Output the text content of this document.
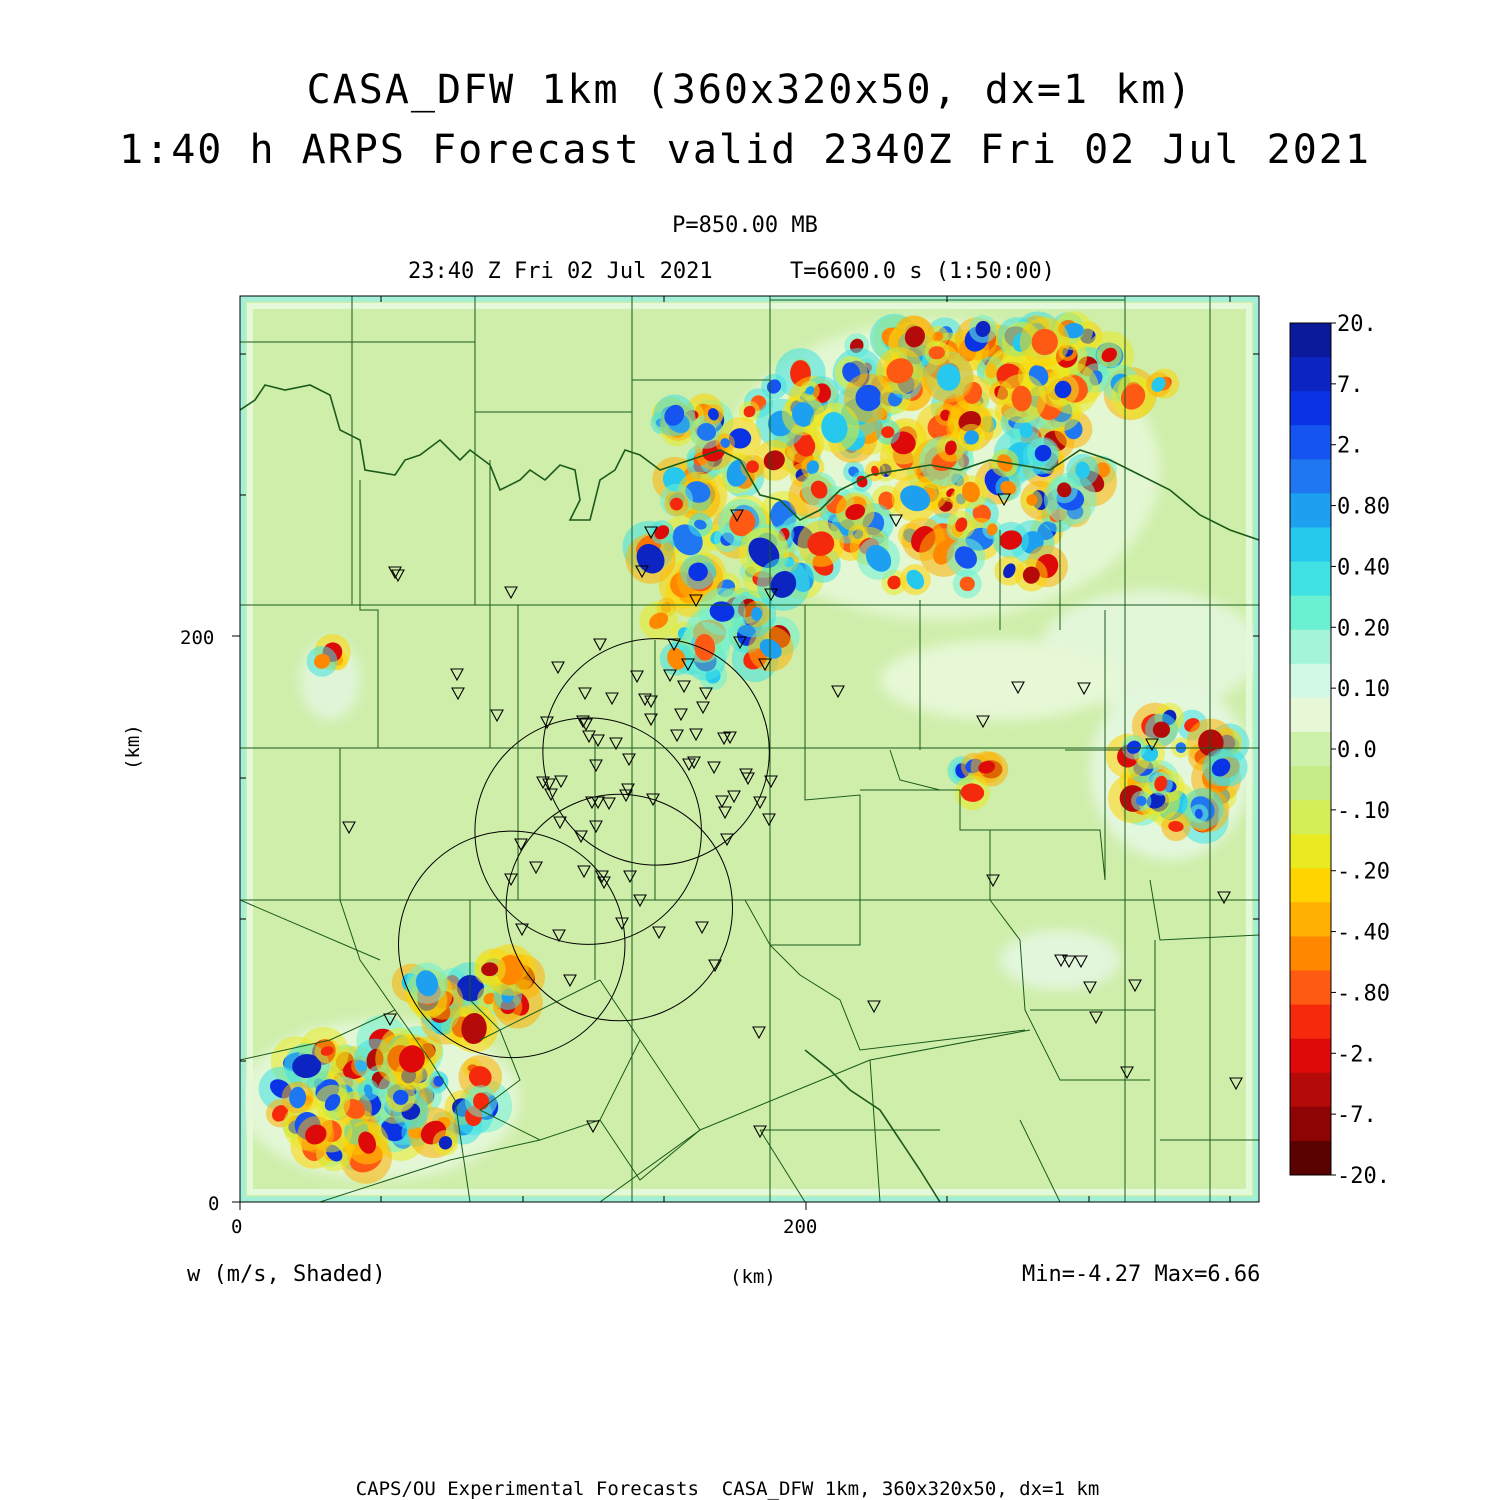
0	200
0
200
(km)
20.
7.
2.
0.80
0.40
0.20
0.10
0.0
-.10
-.20
-.40
-.80
-2.
-7.
-20.
CASA_DFW 1km (360x320x50, dx=1 km)
1:40 h ARPS Forecast valid 2340Z Fri 02 Jul 2021
P=850.00 MB
23:40 Z Fri 02 Jul 2021	T=6600.0 s (1:50:00)
w (m/s, Shaded)	(km)	Min=-4.27 Max=6.66
CAPS/OU Experimental Forecasts  CASA_DFW 1km, 360x320x50, dx=1 km
